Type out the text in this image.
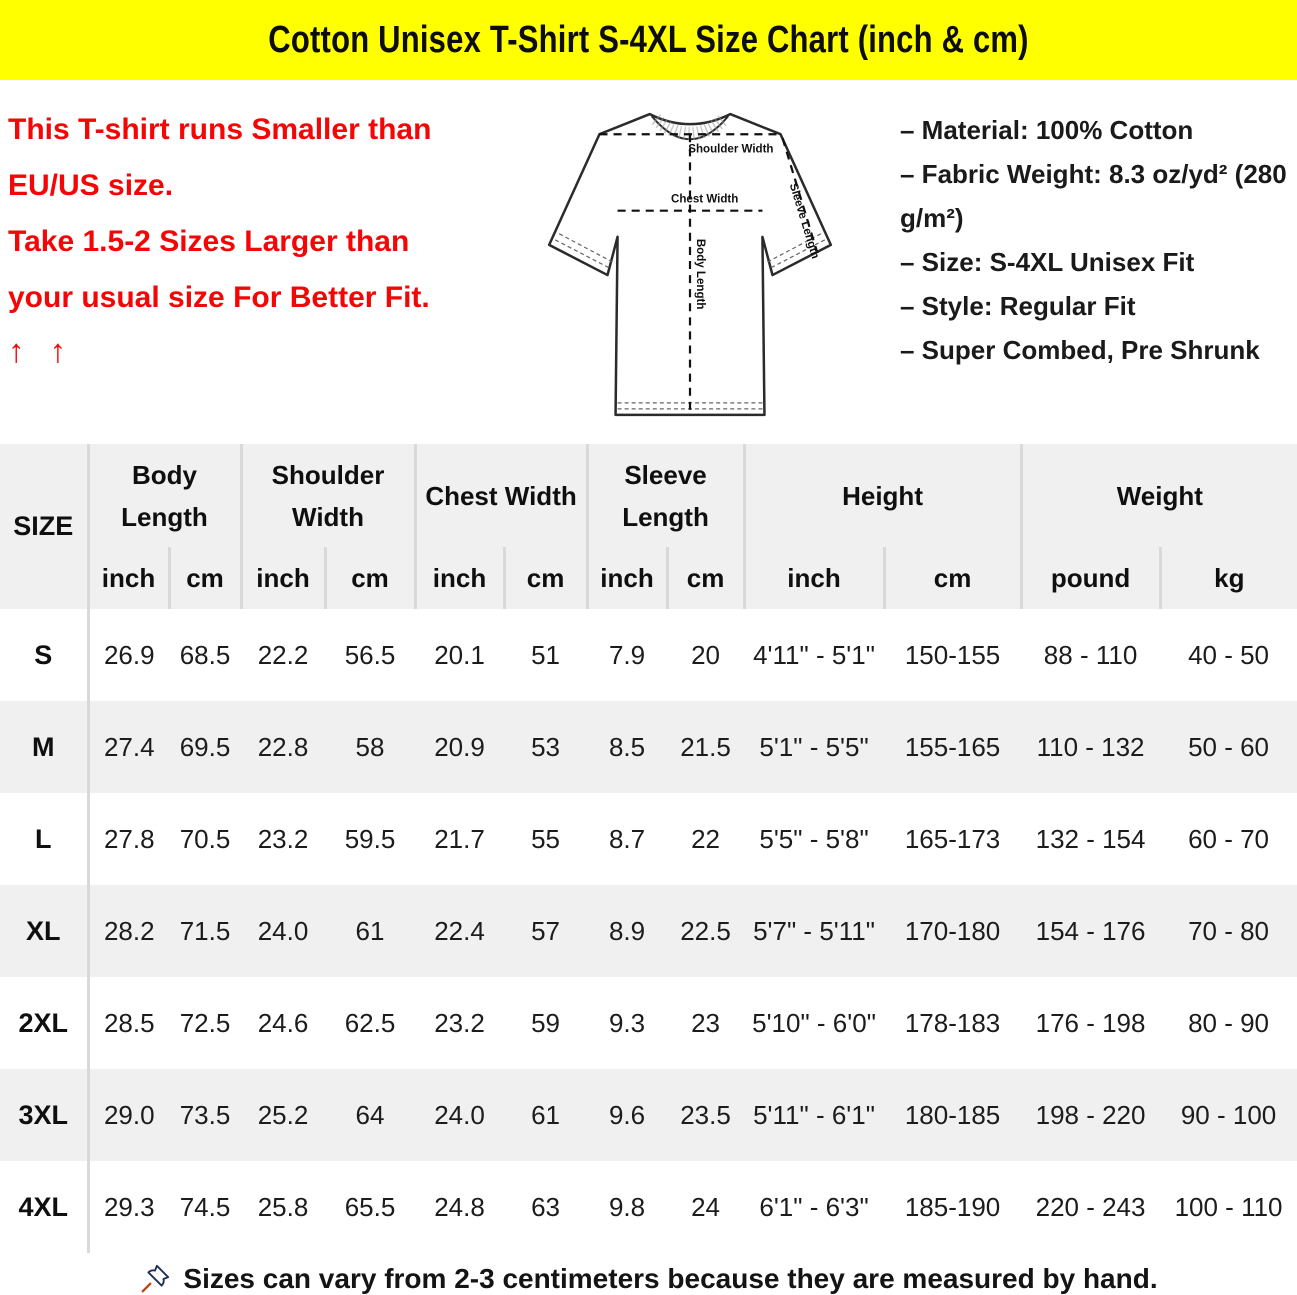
Cotton Unisex T-Shirt S-4XL Size Chart (inch & cm)
This T-shirt runs Smaller than
EU/US size.
Take 1.5-2 Sizes Larger than
your usual size For Better Fit.
↑ ↑
Shoulder Width
Chest Width
Body Length
Sleeve Length
– Material: 100% Cotton
– Fabric Weight: 8.3 oz/yd² (280 g/m²)
– Size: S-4XL Unisex Fit
– Style: Regular Fit
– Super Combed, Pre Shrunk
SIZE	Body Length		Shoulder Width		Chest Width		Sleeve Length		Height		Weight	
	inch	cm	inch	cm	inch	cm	inch	cm	inch	cm	pound	kg
S	26.9	68.5	22.2	56.5	20.1	51	7.9	20	4'11" - 5'1"	150-155	88 - 110	40 - 50
M	27.4	69.5	22.8	58	20.9	53	8.5	21.5	5'1" - 5'5"	155-165	110 - 132	50 - 60
L	27.8	70.5	23.2	59.5	21.7	55	8.7	22	5'5" - 5'8"	165-173	132 - 154	60 - 70
XL	28.2	71.5	24.0	61	22.4	57	8.9	22.5	5'7" - 5'11"	170-180	154 - 176	70 - 80
2XL	28.5	72.5	24.6	62.5	23.2	59	9.3	23	5'10" - 6'0"	178-183	176 - 198	80 - 90
3XL	29.0	73.5	25.2	64	24.0	61	9.6	23.5	5'11" - 6'1"	180-185	198 - 220	90 - 100
4XL	29.3	74.5	25.8	65.5	24.8	63	9.8	24	6'1" - 6'3"	185-190	220 - 243	100 - 110
Sizes can vary from 2-3 centimeters because they are measured by hand.
